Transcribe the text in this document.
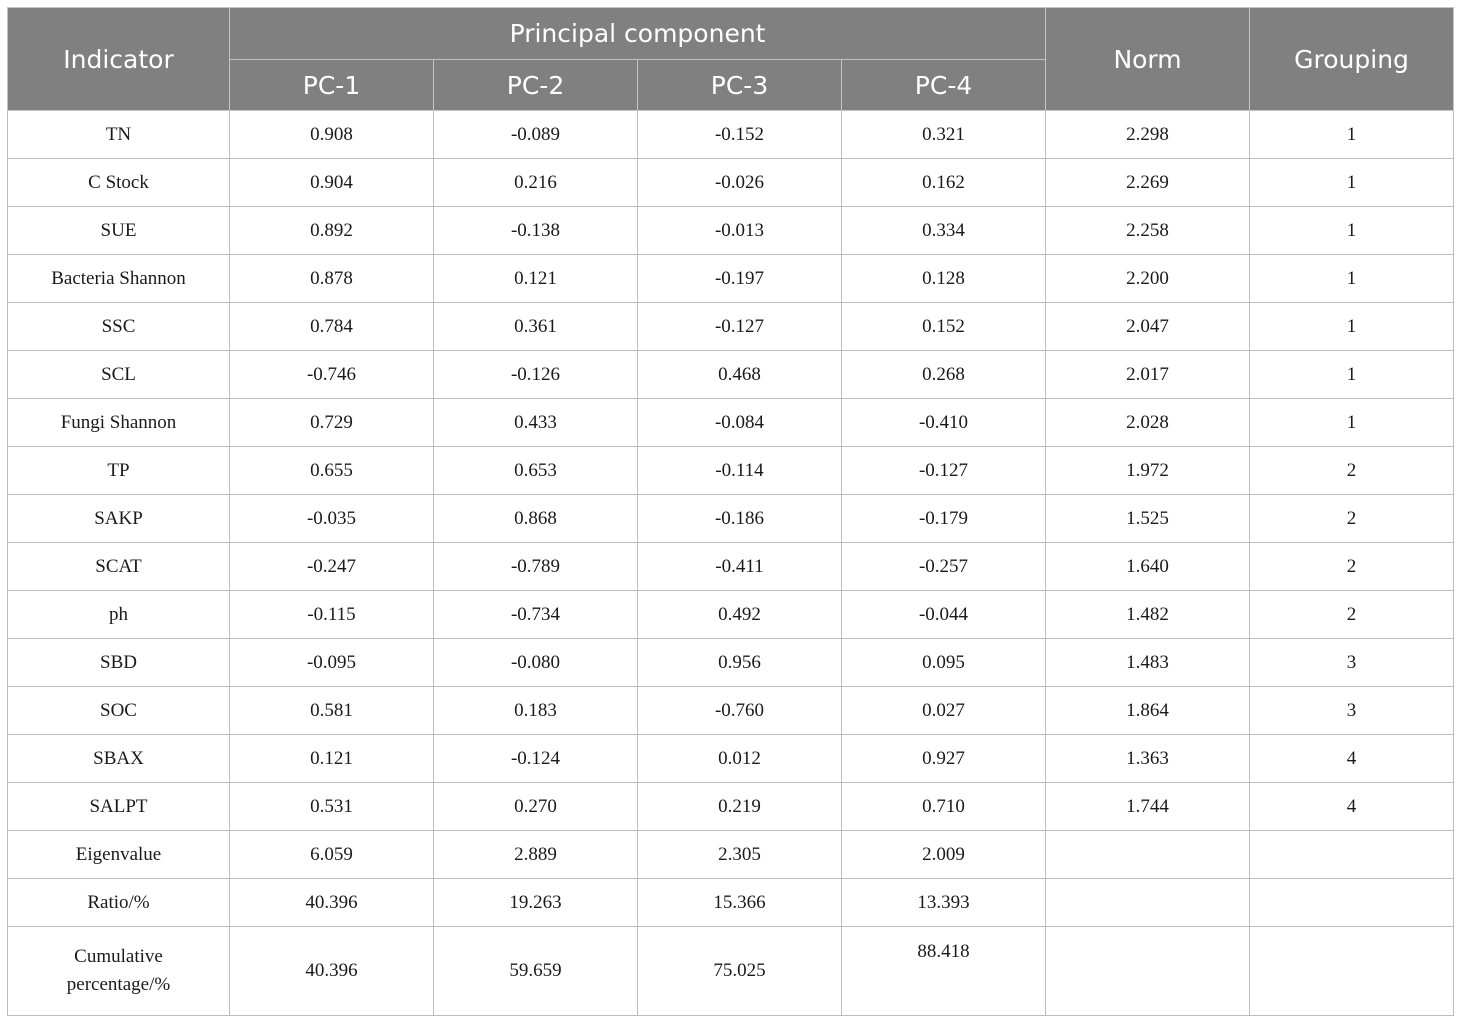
Indicator	Principal component				Norm	Grouping
	PC-1	PC-2	PC-3	PC-4		
TN	0.908	-0.089	-0.152	0.321	2.298	1
C Stock	0.904	0.216	-0.026	0.162	2.269	1
SUE	0.892	-0.138	-0.013	0.334	2.258	1
Bacteria Shannon	0.878	0.121	-0.197	0.128	2.200	1
SSC	0.784	0.361	-0.127	0.152	2.047	1
SCL	-0.746	-0.126	0.468	0.268	2.017	1
Fungi Shannon	0.729	0.433	-0.084	-0.410	2.028	1
TP	0.655	0.653	-0.114	-0.127	1.972	2
SAKP	-0.035	0.868	-0.186	-0.179	1.525	2
SCAT	-0.247	-0.789	-0.411	-0.257	1.640	2
ph	-0.115	-0.734	0.492	-0.044	1.482	2
SBD	-0.095	-0.080	0.956	0.095	1.483	3
SOC	0.581	0.183	-0.760	0.027	1.864	3
SBAX	0.121	-0.124	0.012	0.927	1.363	4
SALPT	0.531	0.270	0.219	0.710	1.744	4
Eigenvalue	6.059	2.889	2.305	2.009		
Ratio/%	40.396	19.263	15.366	13.393		

Cumulative
percentage/%	40.396	59.659	75.025	88.418		
